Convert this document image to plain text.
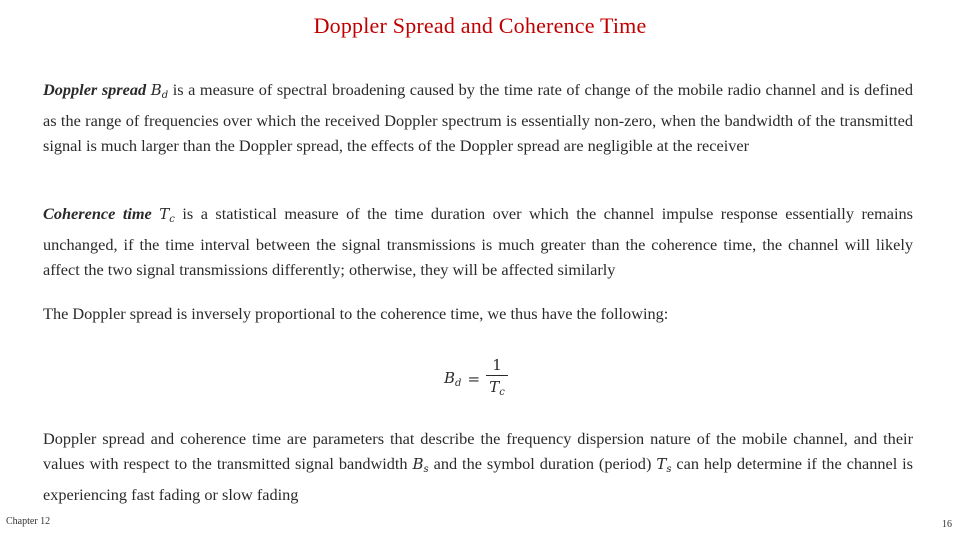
Doppler Spread and Coherence Time
Doppler spread $B_d$ is a measure of spectral broadening caused by the time rate of change of the mobile radio channel and is defined as the range of frequencies over which the received Doppler spectrum is essentially non-zero, when the bandwidth of the transmitted signal is much larger than the Doppler spread, the effects of the Doppler spread are negligible at the receiver
Coherence time $T_c$ is a statistical measure of the time duration over which the channel impulse response essentially remains unchanged, if the time interval between the signal transmissions is much greater than the coherence time, the channel will likely affect the two signal transmissions differently; otherwise, they will be affected similarly
The Doppler spread is inversely proportional to the coherence time, we thus have the following:
$B_d = \frac{1}{T_c}$
Doppler spread and coherence time are parameters that describe the frequency dispersion nature of the mobile channel, and their values with respect to the transmitted signal bandwidth $B_s$ and the symbol duration (period) $T_s$ can help determine if the channel is experiencing fast fading or slow fading
Chapter 12	16
